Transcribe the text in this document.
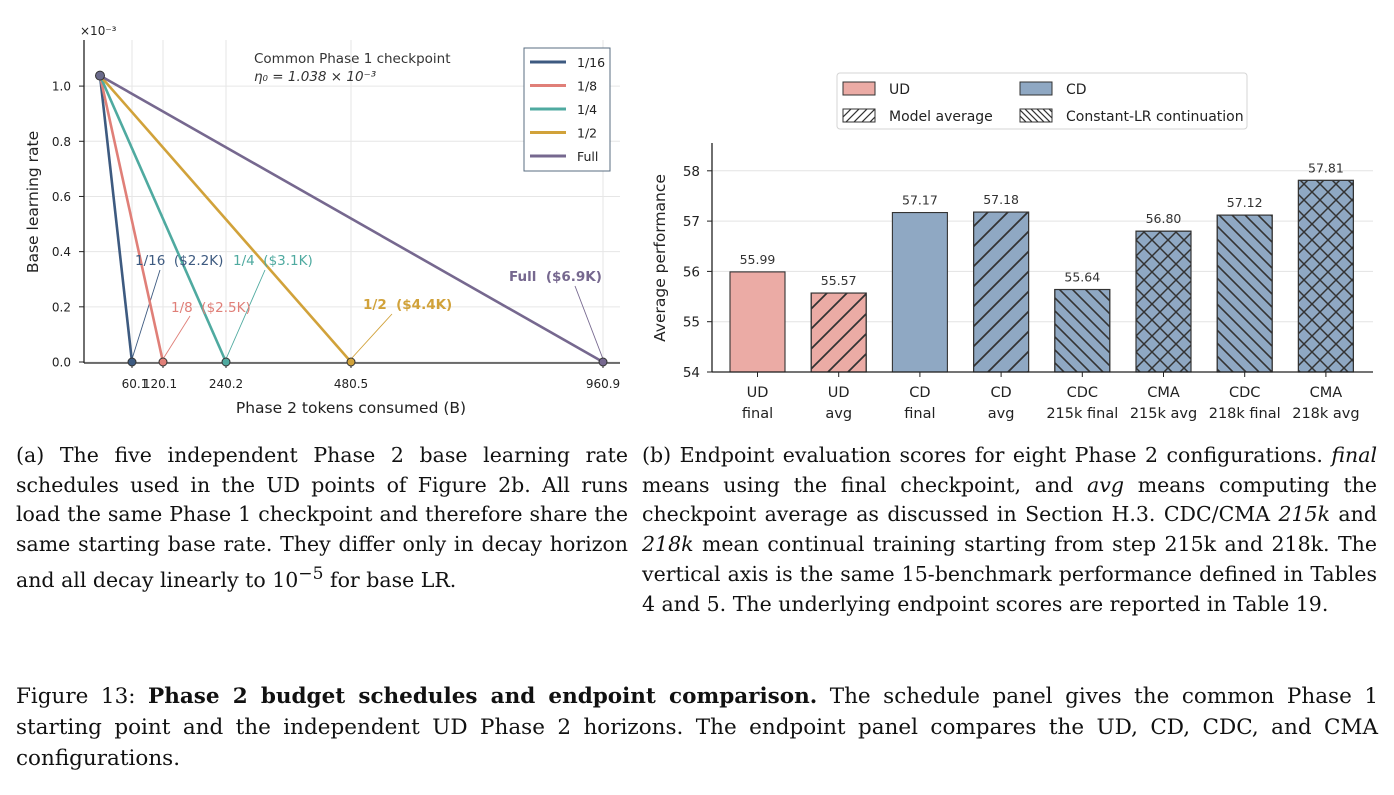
0.0
0.2
0.4
0.6
0.8
1.0
60.1
120.1	240.2	480.5	960.9
×10⁻³
Base learning rate
Phase 2 tokens consumed (B)
1/16  ($2.2K)
1/8  ($2.5K)
1/4  ($3.1K)
1/2  ($4.4K)
Full  ($6.9K)
Common Phase 1 checkpoint
η₀ = 1.038 × 10⁻³
1/16
1/8
1/4
1/2
Full
54
55
56
57
58
55.99
UD
final
55.57
UD
avg
57.17
CD
final
57.18
CD
avg
55.64
CDC
215k final
56.80
CMA
215k avg
57.12
CDC
218k final
57.81
CMA
218k avg
Average performance
UD	CD
Model average	Constant-LR continuation
(a) The five independent Phase 2 base learning rate schedules used in the UD points of Figure 2b. All runs load the same Phase 1 checkpoint and therefore share the same starting base rate. They differ only in decay horizon and all decay linearly to $10^{-5}$ for base LR.
(b) Endpoint evaluation scores for eight Phase 2 configurations. final means using the final checkpoint, and avg means computing the checkpoint average as discussed in Section H.3. CDC/CMA 215k and 218k mean continual training starting from step 215k and 218k. The vertical axis is the same 15-benchmark performance defined in Tables 4 and 5. The underlying endpoint scores are reported in Table 19.
Figure 13: Phase 2 budget schedules and endpoint comparison. The schedule panel gives the common Phase 1 starting point and the independent UD Phase 2 horizons. The endpoint panel compares the UD, CD, CDC, and CMA configurations.
